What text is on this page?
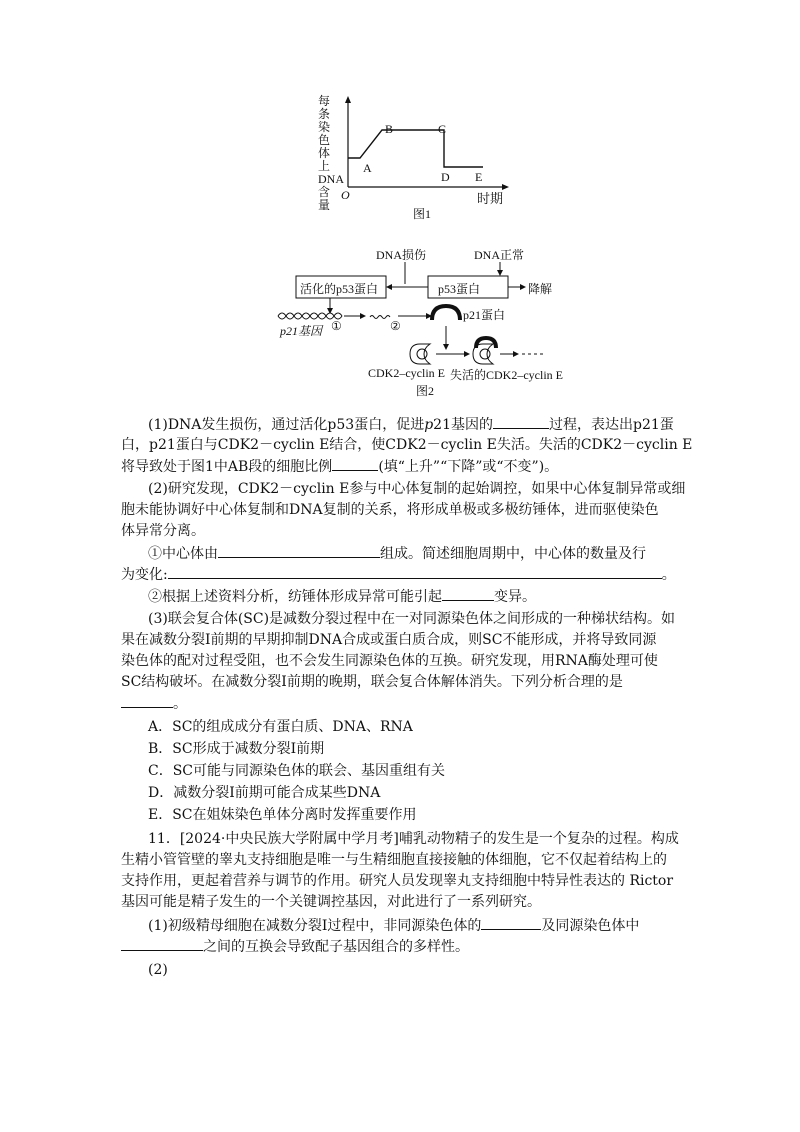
每条染色体上DNA含量
A
B	C
D E
O	时期
图1
DNA损伤	DNA正常
活化的p53蛋白	p53蛋白	降解
p21基因 ①	②
p21蛋白
CDK2–cyclin E 失活的CDK2–cyclin E
图2
(1)DNA发生损伤，通过活化p53蛋白，促进p21基因的	过程，表达出p21蛋
白，p21蛋白与CDK2－cyclin E结合，使CDK2－cyclin E失活。失活的CDK2－cyclin E
将导致处于图1中AB段的细胞比例	(填“上升”“下降”或“不变”)。
(2)研究发现，CDK2－cyclin E参与中心体复制的起始调控，如果中心体复制异常或细
胞未能协调好中心体复制和DNA复制的关系，将形成单极或多极纺锤体，进而驱使染色
体异常分离。
①中心体由	组成。简述细胞周期中，中心体的数量及行
为变化:	。
②根据上述资料分析，纺锤体形成异常可能引起	变异。
(3)联会复合体(SC)是减数分裂过程中在一对同源染色体之间形成的一种梯状结构。如
果在减数分裂Ⅰ前期的早期抑制DNA合成或蛋白质合成，则SC不能形成，并将导致同源
染色体的配对过程受阻，也不会发生同源染色体的互换。研究发现，用RNA酶处理可使
SC结构破坏。在减数分裂Ⅰ前期的晚期，联会复合体解体消失。下列分析合理的是
。
A．SC的组成成分有蛋白质、DNA、RNA
B．SC形成于减数分裂Ⅰ前期
C．SC可能与同源染色体的联会、基因重组有关
D．减数分裂Ⅰ前期可能合成某些DNA
E．SC在姐妹染色单体分离时发挥重要作用
11．[2024·中央民族大学附属中学月考]哺乳动物精子的发生是一个复杂的过程。构成
生精小管管壁的睾丸支持细胞是唯一与生精细胞直接接触的体细胞，它不仅起着结构上的
支持作用，更起着营养与调节的作用。研究人员发现睾丸支持细胞中特异性表达的 Rictor
基因可能是精子发生的一个关键调控基因，对此进行了一系列研究。
(1)初级精母细胞在减数分裂Ⅰ过程中，非同源染色体的	及同源染色体中
之间的互换会导致配子基因组合的多样性。
(2)
